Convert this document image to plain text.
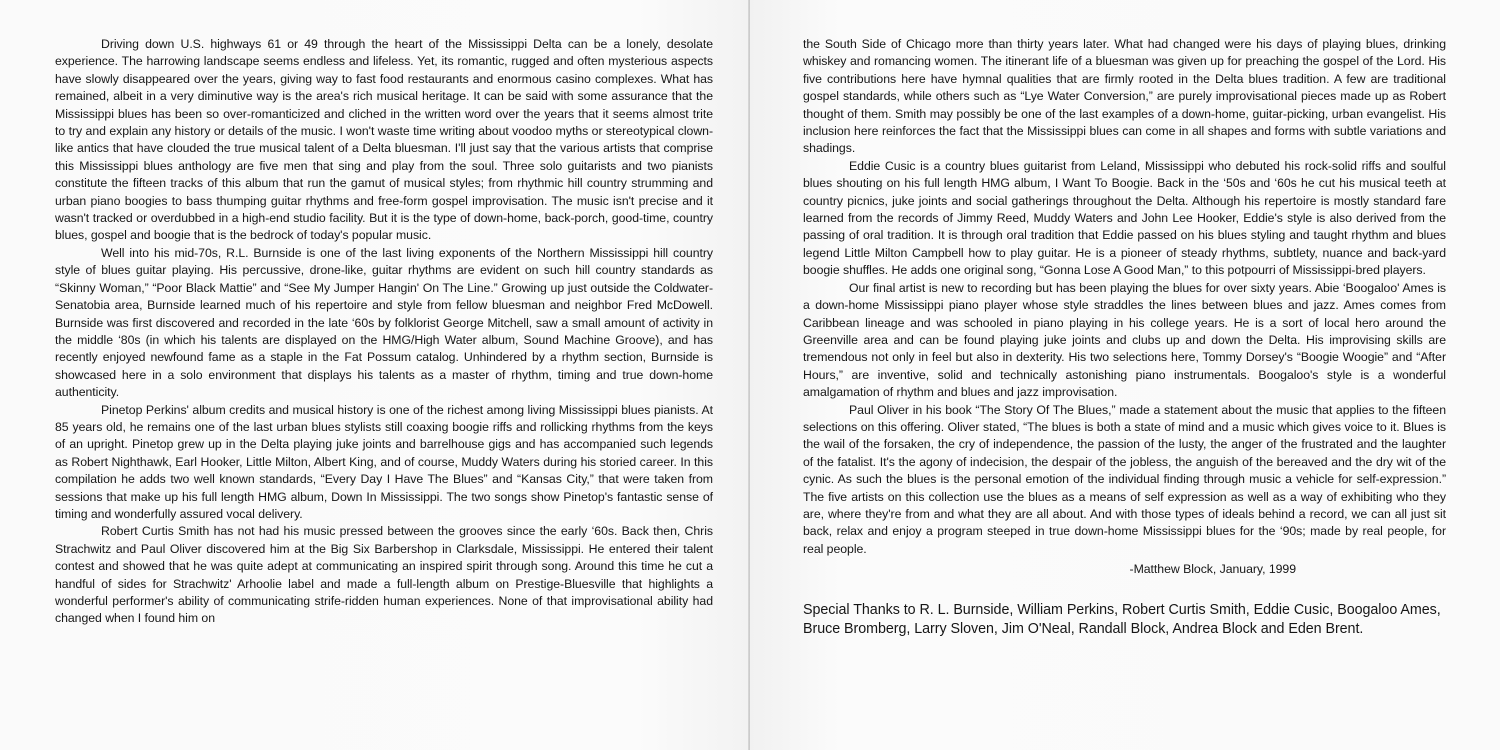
Driving down U.S. highways 61 or 49 through the heart of the Mississippi Delta can be a lonely, desolate experience. The harrowing landscape seems endless and lifeless. Yet, its romantic, rugged and often mysterious aspects have slowly disappeared over the years, giving way to fast food restaurants and enormous casino complexes. What has remained, albeit in a very diminutive way is the area's rich musical heritage. It can be said with some assurance that the Mississippi blues has been so over-romanticized and cliched in the written word over the years that it seems almost trite to try and explain any history or details of the music. I won't waste time writing about voodoo myths or stereotypical clown-like antics that have clouded the true musical talent of a Delta bluesman. I'll just say that the various artists that comprise this Mississippi blues anthology are five men that sing and play from the soul. Three solo guitarists and two pianists constitute the fifteen tracks of this album that run the gamut of musical styles; from rhythmic hill country strumming and urban piano boogies to bass thumping guitar rhythms and free-form gospel improvisation. The music isn't precise and it wasn't tracked or overdubbed in a high-end studio facility. But it is the type of down-home, back-porch, good-time, country blues, gospel and boogie that is the bedrock of today's popular music.

Well into his mid-70s, R.L. Burnside is one of the last living exponents of the Northern Mississippi hill country style of blues guitar playing. His percussive, drone-like, guitar rhythms are evident on such hill country standards as “Skinny Woman,” “Poor Black Mattie” and “See My Jumper Hangin' On The Line.” Growing up just outside the Coldwater-Senatobia area, Burnside learned much of his repertoire and style from fellow bluesman and neighbor Fred McDowell. Burnside was first discovered and recorded in the late ‘60s by folklorist George Mitchell, saw a small amount of activity in the middle ‘80s (in which his talents are displayed on the HMG/High Water album, Sound Machine Groove), and has recently enjoyed newfound fame as a staple in the Fat Possum catalog. Unhindered by a rhythm section, Burnside is showcased here in a solo environment that displays his talents as a master of rhythm, timing and true down-home authenticity.

Pinetop Perkins' album credits and musical history is one of the richest among living Mississippi blues pianists. At 85 years old, he remains one of the last urban blues stylists still coaxing boogie riffs and rollicking rhythms from the keys of an upright. Pinetop grew up in the Delta playing juke joints and barrelhouse gigs and has accompanied such legends as Robert Nighthawk, Earl Hooker, Little Milton, Albert King, and of course, Muddy Waters during his storied career. In this compilation he adds two well known standards, “Every Day I Have The Blues” and “Kansas City,” that were taken from sessions that make up his full length HMG album, Down In Mississippi. The two songs show Pinetop's fantastic sense of timing and wonderfully assured vocal delivery.

Robert Curtis Smith has not had his music pressed between the grooves since the early ‘60s. Back then, Chris Strachwitz and Paul Oliver discovered him at the Big Six Barbershop in Clarksdale, Mississippi. He entered their talent contest and showed that he was quite adept at communicating an inspired spirit through song. Around this time he cut a handful of sides for Strachwitz' Arhoolie label and made a full-length album on Prestige-Bluesville that highlights a wonderful performer's ability of communicating strife-ridden human experiences. None of that improvisational ability had changed when I found him on

the South Side of Chicago more than thirty years later. What had changed were his days of playing blues, drinking whiskey and romancing women. The itinerant life of a bluesman was given up for preaching the gospel of the Lord. His five contributions here have hymnal qualities that are firmly rooted in the Delta blues tradition. A few are traditional gospel standards, while others such as “Lye Water Conversion,” are purely improvisational pieces made up as Robert thought of them. Smith may possibly be one of the last examples of a down-home, guitar-picking, urban evangelist. His inclusion here reinforces the fact that the Mississippi blues can come in all shapes and forms with subtle variations and shadings.

Eddie Cusic is a country blues guitarist from Leland, Mississippi who debuted his rock-solid riffs and soulful blues shouting on his full length HMG album, I Want To Boogie. Back in the ‘50s and ‘60s he cut his musical teeth at country picnics, juke joints and social gatherings throughout the Delta. Although his repertoire is mostly standard fare learned from the records of Jimmy Reed, Muddy Waters and John Lee Hooker, Eddie's style is also derived from the passing of oral tradition. It is through oral tradition that Eddie passed on his blues styling and taught rhythm and blues legend Little Milton Campbell how to play guitar. He is a pioneer of steady rhythms, subtlety, nuance and back-yard boogie shuffles. He adds one original song, “Gonna Lose A Good Man,” to this potpourri of Mississippi-bred players.

Our final artist is new to recording but has been playing the blues for over sixty years. Abie ‘Boogaloo' Ames is a down-home Mississippi piano player whose style straddles the lines between blues and jazz. Ames comes from Caribbean lineage and was schooled in piano playing in his college years. He is a sort of local hero around the Greenville area and can be found playing juke joints and clubs up and down the Delta. His improvising skills are tremendous not only in feel but also in dexterity. His two selections here, Tommy Dorsey's “Boogie Woogie” and “After Hours,” are inventive, solid and technically astonishing piano instrumentals. Boogaloo's style is a wonderful amalgamation of rhythm and blues and jazz improvisation.

Paul Oliver in his book “The Story Of The Blues,” made a statement about the music that applies to the fifteen selections on this offering. Oliver stated, “The blues is both a state of mind and a music which gives voice to it. Blues is the wail of the forsaken, the cry of independence, the passion of the lusty, the anger of the frustrated and the laughter of the fatalist. It's the agony of indecision, the despair of the jobless, the anguish of the bereaved and the dry wit of the cynic. As such the blues is the personal emotion of the individual finding through music a vehicle for self-expression.” The five artists on this collection use the blues as a means of self expression as well as a way of exhibiting who they are, where they're from and what they are all about. And with those types of ideals behind a record, we can all just sit back, relax and enjoy a program steeped in true down-home Mississippi blues for the ‘90s; made by real people, for real people.

-Matthew Block, January, 1999

Special Thanks to R. L. Burnside, William Perkins, Robert Curtis Smith, Eddie Cusic, Boogaloo Ames, Bruce Bromberg, Larry Sloven, Jim O'Neal, Randall Block, Andrea Block and Eden Brent.
